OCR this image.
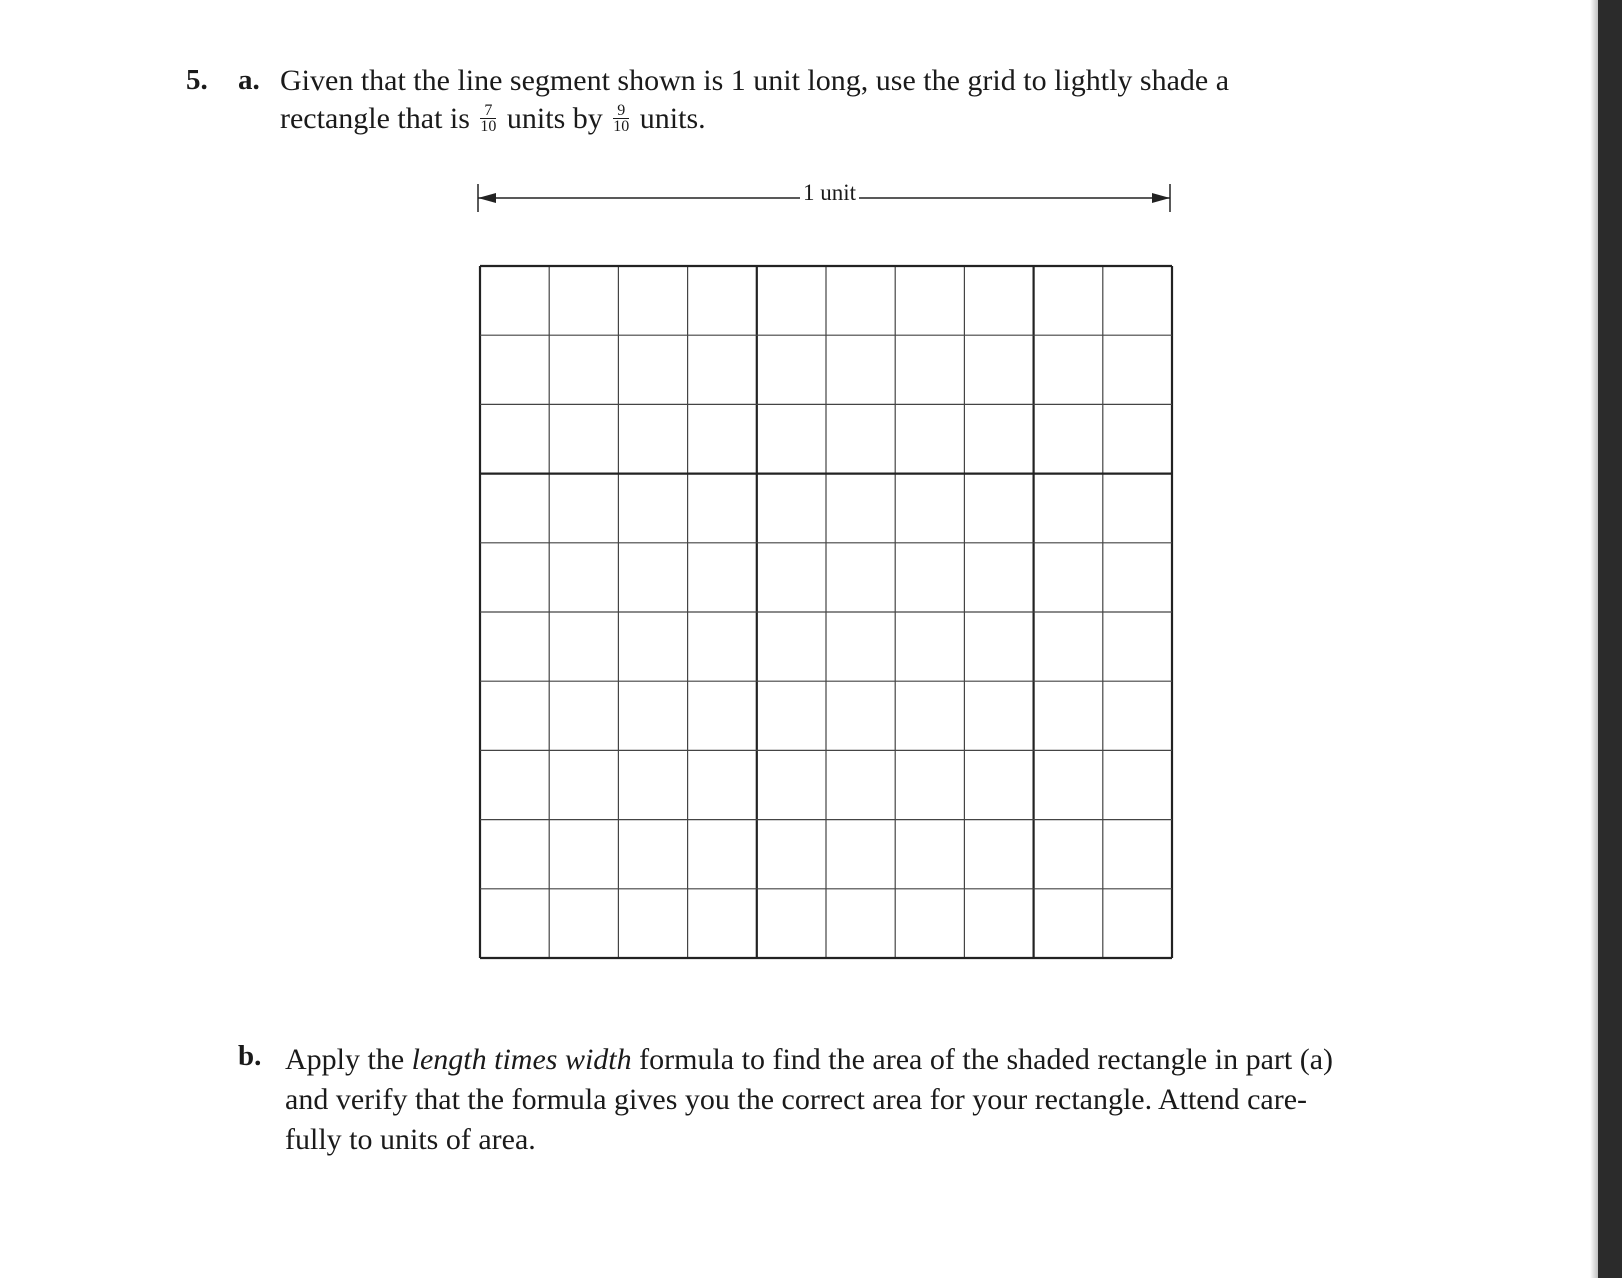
5. a. Given that the line segment shown is 1 unit long, use the grid to lightly shade a
rectangle that is $\frac{7}{10}$ units by $\frac{9}{10}$ units.
1 unit
b. Apply the length times width formula to find the area of the shaded rectangle in part (a)
and verify that the formula gives you the correct area for your rectangle. Attend care-
fully to units of area.
